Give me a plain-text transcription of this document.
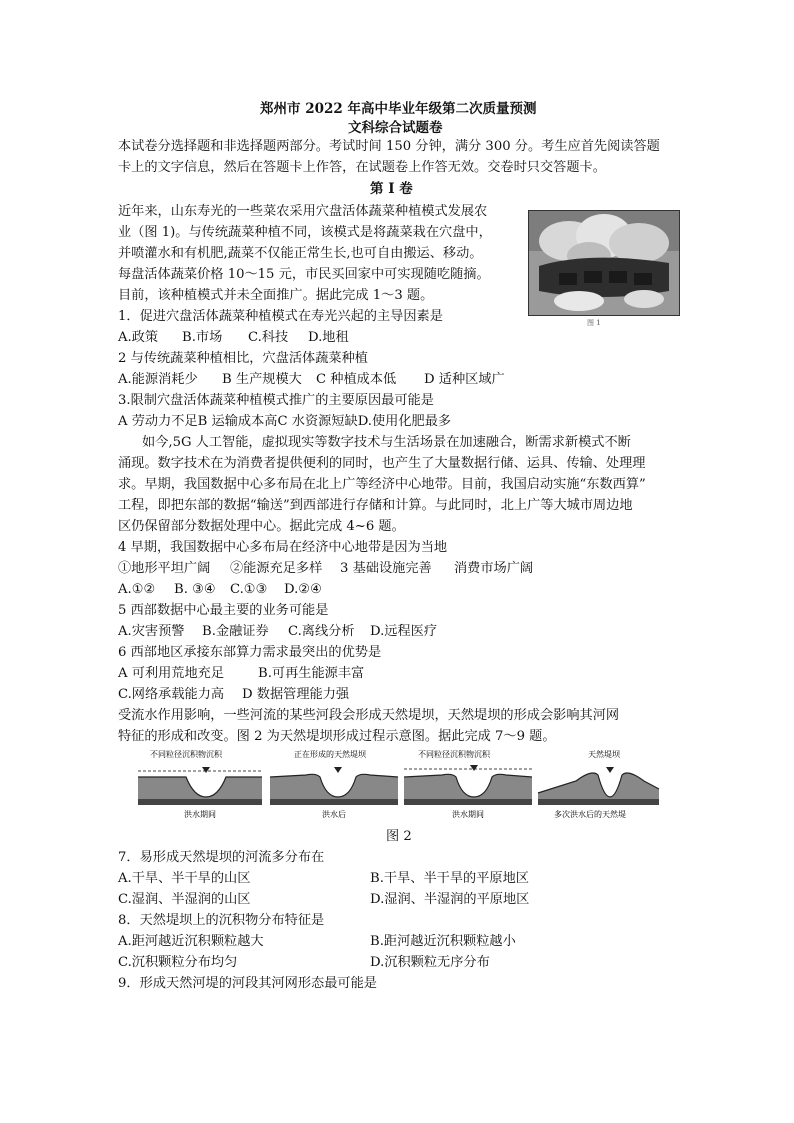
郑州市 2022 年高中毕业年级第二次质量预测
文科综合试题卷
本试卷分选择题和非选择题两部分。考试时间 150 分钟，满分 300 分。考生应首先阅读答题
卡上的文字信息，然后在答题卡上作答，在试题卷上作答无效。交卷时只交答题卡。
第 I 卷
近年来，山东寿光的一些菜农采用穴盘活体蔬菜种植模式发展农
业（图 1)。与传统蔬菜种植不同，该模式是将蔬菜栽在穴盘中，
并喷灌水和有机肥,蔬菜不仅能正常生长,也可自由搬运、移动。
每盘活体蔬菜价格 10～15 元，市民买回家中可实现随吃随摘。
目前，该种植模式并未全面推广。据此完成 1～3 题。
图 1
1．促进穴盘活体蔬菜种植模式在寿光兴起的主导因素是
A.政策 B.市场 C.科技 D.地租
2 与传统蔬菜种植相比，穴盘活体蔬菜种植
A.能源消耗少 B 生产规模大 C 种植成本低 D 适种区域广
3.限制穴盘活体蔬菜种植模式推广的主要原因最可能是
A 劳动力不足B 运输成本高C 水资源短缺D.使用化肥最多
如今,5G 人工智能，虚拟现实等数字技术与生活场景在加速融合，断需求新模式不断
涌现。数字技术在为消费者提供便利的同时，也产生了大量数据行储、运具、传输、处理理
求。早期，我国数据中心多布局在北上广等经济中心地带。目前，我国启动实施“东数西算”
工程，即把东部的数据“输送”到西部进行存储和计算。与此同时，北上广等大城市周边地
区仍保留部分数据处理中心。据此完成 4~6 题。
4 早期，我国数据中心多布局在经济中心地带是因为当地
①地形平坦广阔 ②能源充足多样 3 基础设施完善 消费市场广阔
A.①② B. ③④ C.①③ D.②④
5 西部数据中心最主要的业务可能是
A.灾害预警 B.金融证券 C.离线分析 D.远程医疗
6 西部地区承接东部算力需求最突出的优势是
A 可利用荒地充足	B.可再生能源丰富
C.网络承载能力高 D 数据管理能力强
受流水作用影响，一些河流的某些河段会形成天然堤坝，天然堤坝的形成会影响其河网
特征的形成和改变。图 2 为天然堤坝形成过程示意图。据此完成 7～9 题。
不同粒径沉积物沉积
洪水期间
正在形成的天然堤坝
洪水后
不同粒径沉积物沉积
洪水期间
天然堤坝
多次洪水后的天然堤
图 2
7．易形成天然堤坝的河流多分布在
A.干旱、半干旱的山区	B.干旱、半干旱的平原地区
C.湿润、半湿润的山区	D.湿润、半湿润的平原地区
8．天然堤坝上的沉积物分布特征是
A.距河越近沉积颗粒越大	B.距河越近沉积颗粒越小
C.沉积颗粒分布均匀	D.沉积颗粒无序分布
9．形成天然河堤的河段其河网形态最可能是
